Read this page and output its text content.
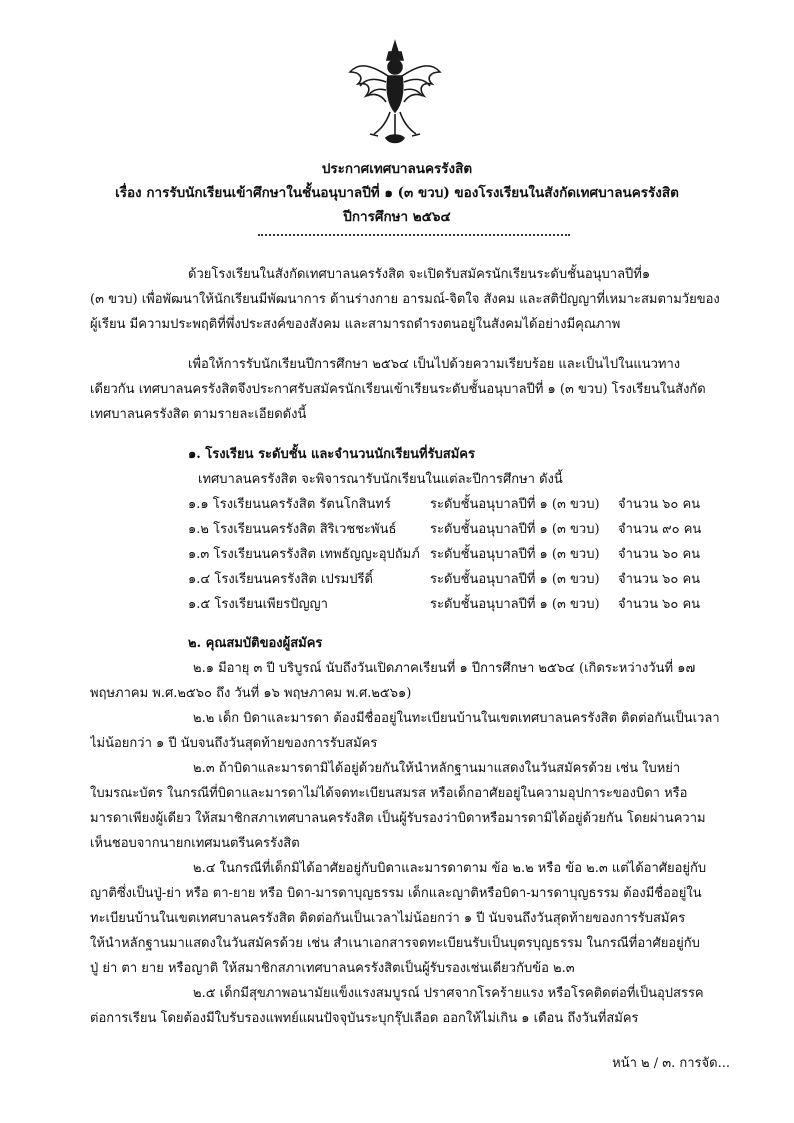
ประกาศเทศบาลนครรังสิต
เรื่อง การรับนักเรียนเข้าศึกษาในชั้นอนุบาลปีที่ ๑ (๓ ขวบ) ของโรงเรียนในสังกัดเทศบาลนครรังสิต
ปีการศึกษา ๒๕๖๔
ด้วยโรงเรียนในสังกัดเทศบาลนครรังสิต จะเปิดรับสมัครนักเรียนระดับชั้นอนุบาลปีที่๑
(๓ ขวบ) เพื่อพัฒนาให้นักเรียนมีพัฒนาการ ด้านร่างกาย อารมณ์-จิตใจ สังคม และสติปัญญาที่เหมาะสมตามวัยของ
ผู้เรียน มีความประพฤติที่พึ่งประสงค์ของสังคม และสามารถดำรงตนอยู่ในสังคมได้อย่างมีคุณภาพ
เพื่อให้การรับนักเรียนปีการศึกษา ๒๕๖๔ เป็นไปด้วยความเรียบร้อย และเป็นไปในแนวทาง
เดียวกัน เทศบาลนครรังสิตจึงประกาศรับสมัครนักเรียนเข้าเรียนระดับชั้นอนุบาลปีที่ ๑ (๓ ขวบ) โรงเรียนในสังกัด
เทศบาลนครรังสิต ตามรายละเอียดดังนี้
๑. โรงเรียน ระดับชั้น และจำนวนนักเรียนที่รับสมัคร
เทศบาลนครรังสิต จะพิจารณารับนักเรียนในแต่ละปีการศึกษา ดังนี้
๑.๑ โรงเรียนนครรังสิต รัตนโกสินทร์	ระดับชั้นอนุบาลปีที่ ๑ (๓ ขวบ)	จำนวน ๖๐ คน
๑.๒ โรงเรียนนครรังสิต สิริเวชชะพันธ์	ระดับชั้นอนุบาลปีที่ ๑ (๓ ขวบ)	จำนวน ๙๐ คน
๑.๓ โรงเรียนนครรังสิต เทพธัญญะอุปถัมภ์ ระดับชั้นอนุบาลปีที่ ๑ (๓ ขวบ)	จำนวน ๖๐ คน
๑.๔ โรงเรียนนครรังสิต เปรมปรีดิ์	ระดับชั้นอนุบาลปีที่ ๑ (๓ ขวบ)	จำนวน ๖๐ คน
๑.๕ โรงเรียนเพียรปัญญา	ระดับชั้นอนุบาลปีที่ ๑ (๓ ขวบ)	จำนวน ๖๐ คน
๒. คุณสมบัติของผู้สมัคร
๒.๑ มีอายุ ๓ ปี บริบูรณ์ นับถึงวันเปิดภาคเรียนที่ ๑ ปีการศึกษา ๒๕๖๔ (เกิดระหว่างวันที่ ๑๗
พฤษภาคม พ.ศ.๒๕๖๐ ถึง วันที่ ๑๖ พฤษภาคม พ.ศ.๒๕๖๑)
๒.๒ เด็ก บิดาและมารดา ต้องมีชื่ออยู่ในทะเบียนบ้านในเขตเทศบาลนครรังสิต ติดต่อกันเป็นเวลา
ไม่น้อยกว่า ๑ ปี นับจนถึงวันสุดท้ายของการรับสมัคร
๒.๓ ถ้าบิดาและมารดามิได้อยู่ด้วยกันให้นำหลักฐานมาแสดงในวันสมัครด้วย เช่น ใบหย่า
ใบมรณะบัตร ในกรณีที่บิดาและมารดาไม่ได้จดทะเบียนสมรส หรือเด็กอาศัยอยู่ในความอุปการะของบิดา หรือ
มารดาเพียงผู้เดียว ให้สมาชิกสภาเทศบาลนครรังสิต เป็นผู้รับรองว่าบิดาหรือมารดามิได้อยู่ด้วยกัน โดยผ่านความ
เห็นชอบจากนายกเทศมนตรีนครรังสิต
๒.๔ ในกรณีที่เด็กมิได้อาศัยอยู่กับบิดาและมารดาตาม ข้อ ๒.๒ หรือ ข้อ ๒.๓ แต่ได้อาศัยอยู่กับ
ญาติซึ่งเป็นปู่-ย่า หรือ ตา-ยาย หรือ บิดา-มารดาบุญธรรม เด็กและญาติหรือบิดา-มารดาบุญธรรม ต้องมีชื่ออยู่ใน
ทะเบียนบ้านในเขตเทศบาลนครรังสิต ติดต่อกันเป็นเวลาไม่น้อยกว่า ๑ ปี นับจนถึงวันสุดท้ายของการรับสมัคร
ให้นำหลักฐานมาแสดงในวันสมัครด้วย เช่น สำเนาเอกสารจดทะเบียนรับเป็นบุตรบุญธรรม ในกรณีที่อาศัยอยู่กับ
ปู่ ย่า ตา ยาย หรือญาติ ให้สมาชิกสภาเทศบาลนครรังสิตเป็นผู้รับรองเช่นเดียวกับข้อ ๒.๓
๒.๕ เด็กมีสุขภาพอนามัยแข็งแรงสมบูรณ์ ปราศจากโรคร้ายแรง หรือโรคติดต่อที่เป็นอุปสรรค
ต่อการเรียน โดยต้องมีใบรับรองแพทย์แผนปัจจุบันระบุกรุ๊ปเลือด ออกให้ไม่เกิน ๑ เดือน ถึงวันที่สมัคร
หน้า ๒ / ๓. การจัด...
